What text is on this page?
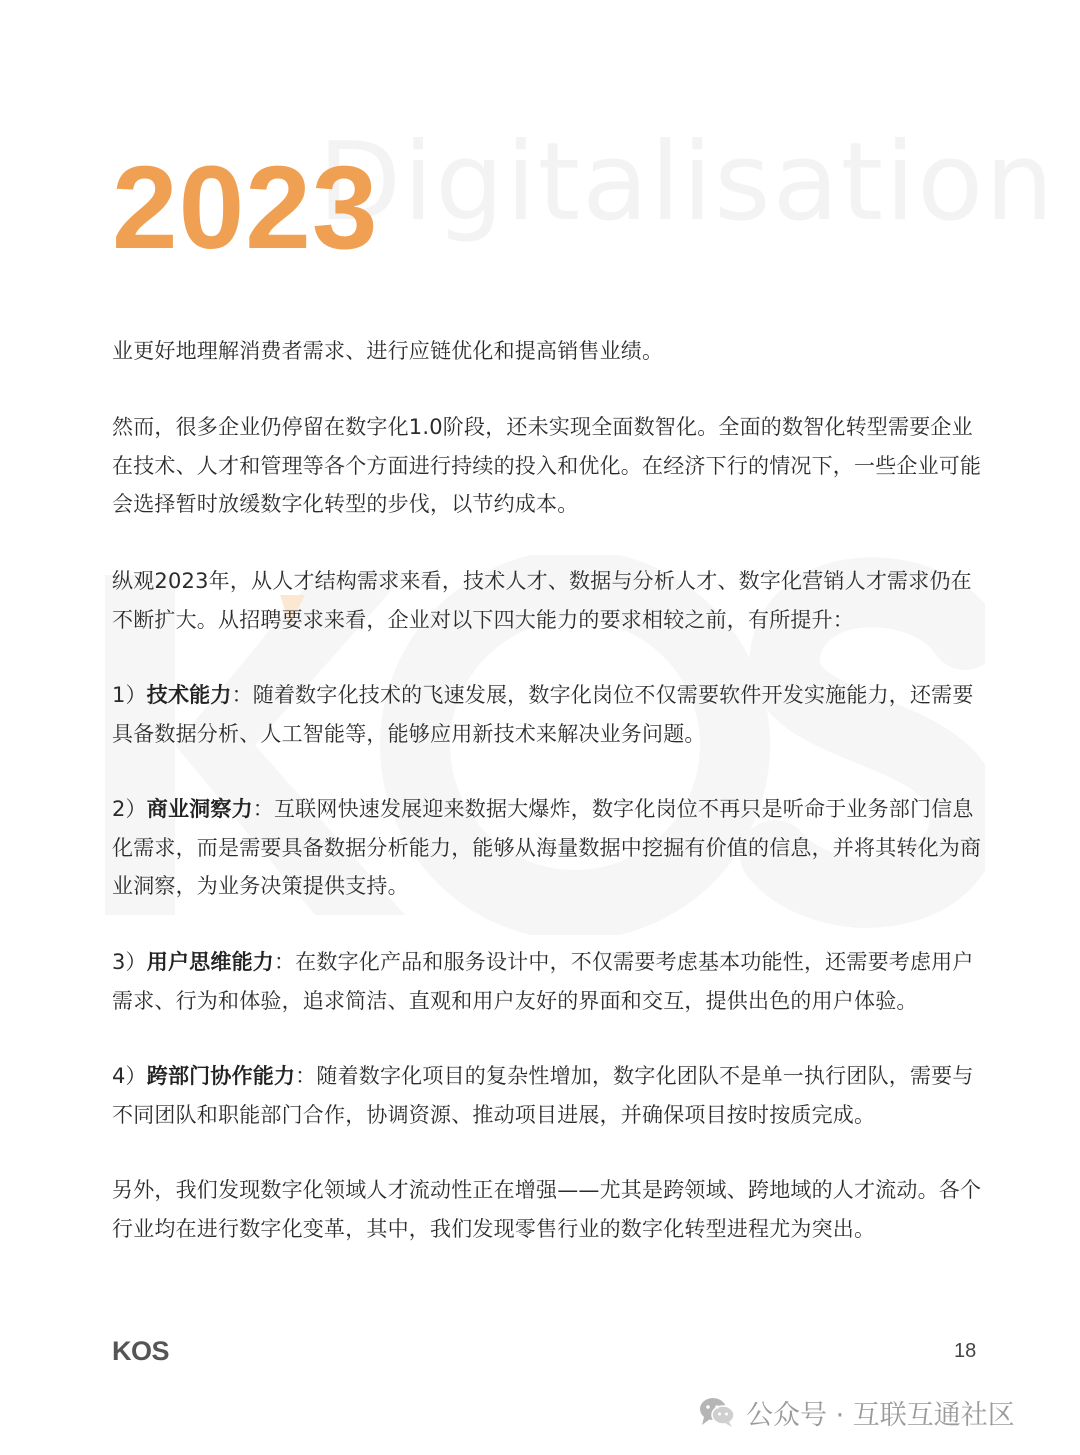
Digitalisation
2023

业更好地理解消费者需求、进行应链优化和提高销售业绩。

然而，很多企业仍停留在数字化1.0阶段，还未实现全面数智化。全面的数智化转型需要企业在技术、人才和管理等各个方面进行持续的投入和优化。在经济下行的情况下，一些企业可能会选择暂时放缓数字化转型的步伐，以节约成本。

纵观2023年，从人才结构需求来看，技术人才、数据与分析人才、数字化营销人才需求仍在不断扩大。从招聘要求来看，企业对以下四大能力的要求相较之前，有所提升：

1）技术能力：随着数字化技术的飞速发展，数字化岗位不仅需要软件开发实施能力，还需要具备数据分析、人工智能等，能够应用新技术来解决业务问题。

2）商业洞察力：互联网快速发展迎来数据大爆炸，数字化岗位不再只是听命于业务部门信息化需求，而是需要具备数据分析能力，能够从海量数据中挖掘有价值的信息，并将其转化为商业洞察，为业务决策提供支持。

3）用户思维能力：在数字化产品和服务设计中，不仅需要考虑基本功能性，还需要考虑用户需求、行为和体验，追求简洁、直观和用户友好的界面和交互，提供出色的用户体验。

4）跨部门协作能力：随着数字化项目的复杂性增加，数字化团队不是单一执行团队，需要与不同团队和职能部门合作，协调资源、推动项目进展，并确保项目按时按质完成。

另外，我们发现数字化领域人才流动性正在增强——尤其是跨领域、跨地域的人才流动。各个行业均在进行数字化变革，其中，我们发现零售行业的数字化转型进程尤为突出。

KOS	18
公众号 · 互联互通社区
